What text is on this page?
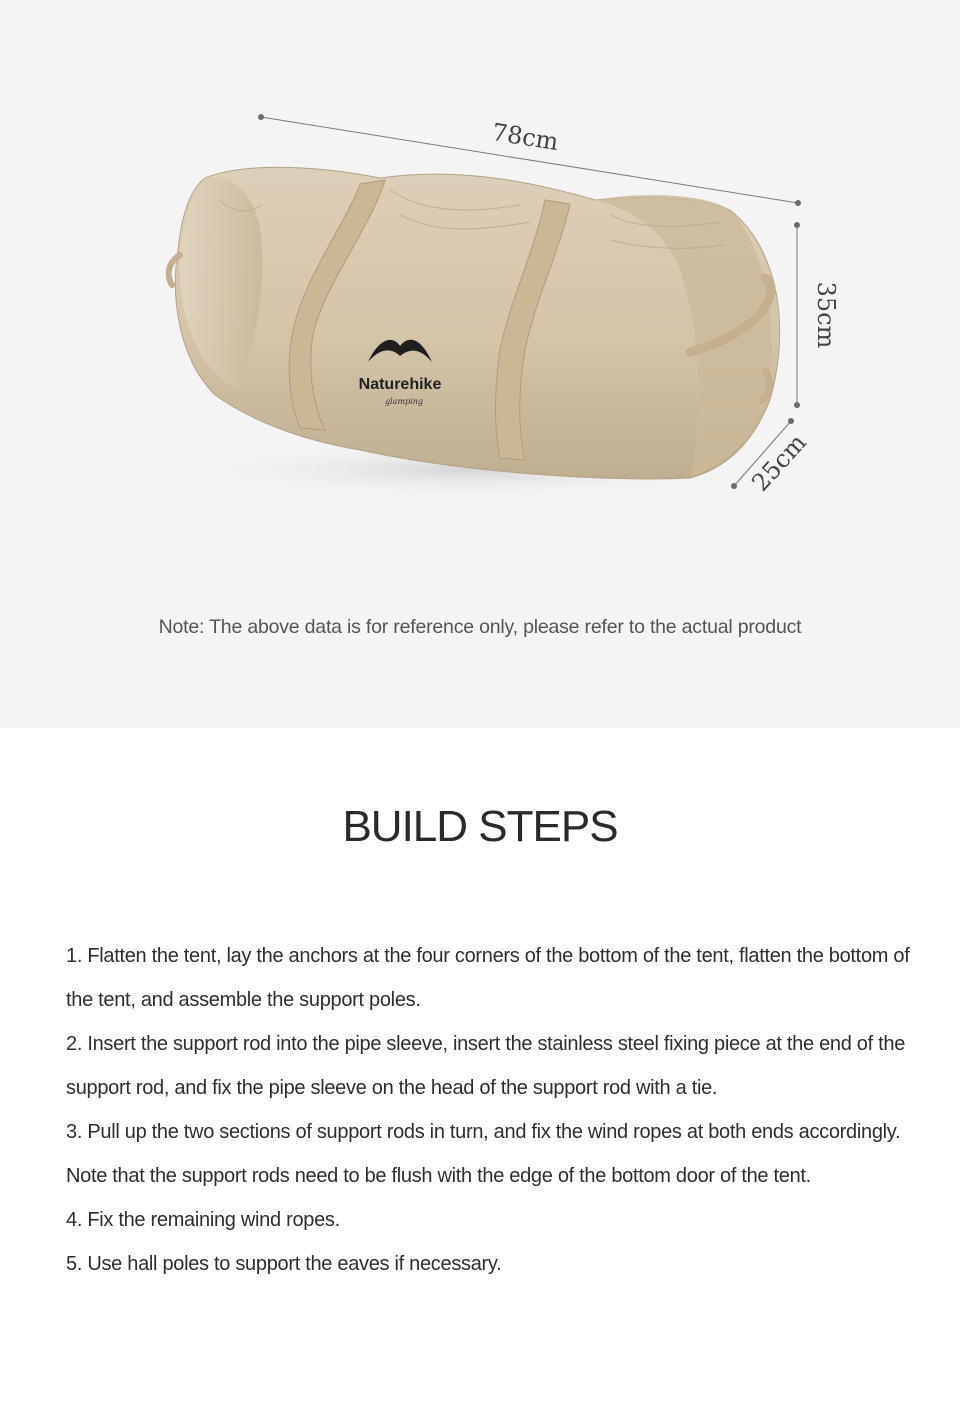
Naturehike
glamping
78cm
35cm
25cm
Note: The above data is for reference only, please refer to the actual product
BUILD STEPS
1. Flatten the tent, lay the anchors at the four corners of the bottom of the tent, flatten the bottom of the tent, and assemble the support poles.
2. Insert the support rod into the pipe sleeve, insert the stainless steel fixing piece at the end of the support rod, and fix the pipe sleeve on the head of the support rod with a tie.
3. Pull up the two sections of support rods in turn, and fix the wind ropes at both ends accordingly. Note that the support rods need to be flush with the edge of the bottom door of the tent.
4. Fix the remaining wind ropes.
5. Use hall poles to support the eaves if necessary.
